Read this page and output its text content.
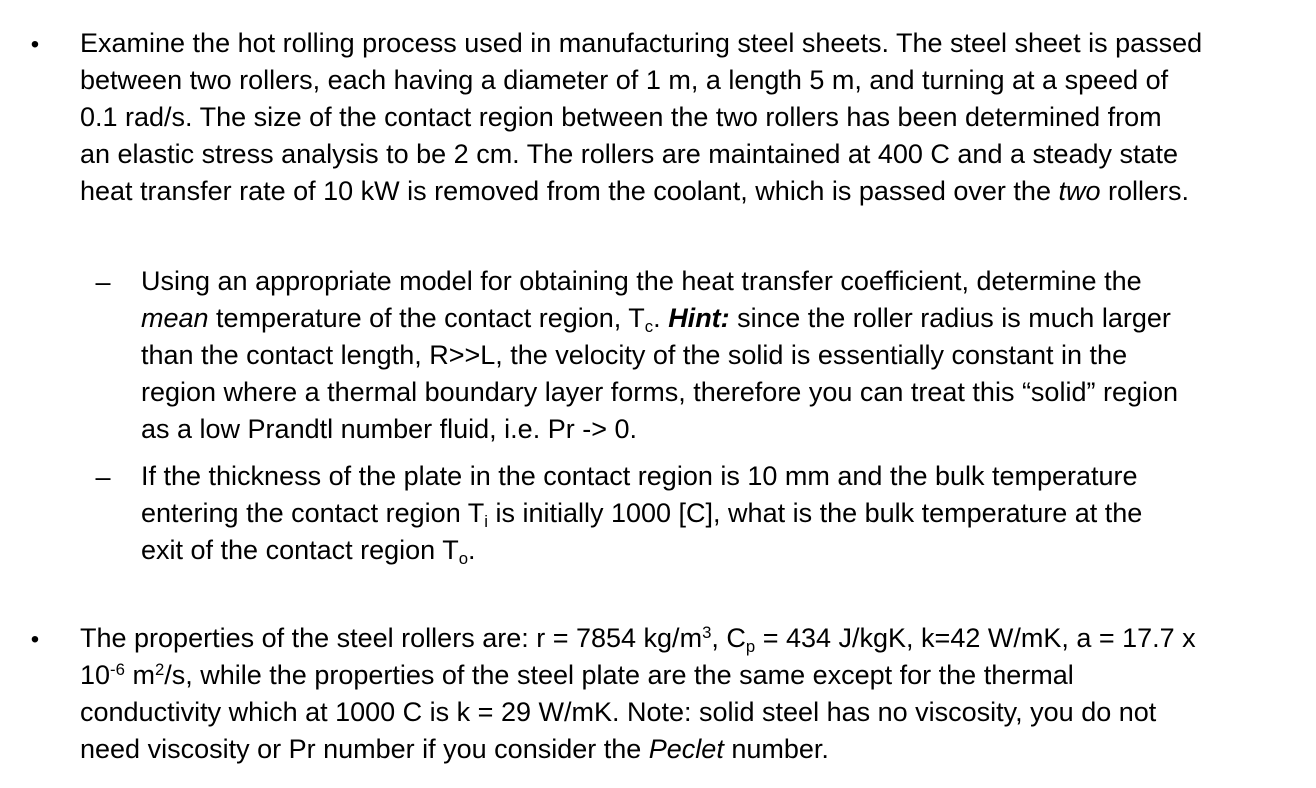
•
–
–
•
Examine the hot rolling process used in manufacturing steel sheets. The steel sheet is passed
between two rollers, each having a diameter of 1 m, a length 5 m, and turning at a speed of
0.1 rad/s. The size of the contact region between the two rollers has been determined from
an elastic stress analysis to be 2 cm. The rollers are maintained at 400 C and a steady state
heat transfer rate of 10 kW is removed from the coolant, which is passed over the two rollers.
Using an appropriate model for obtaining the heat transfer coefficient, determine the
mean temperature of the contact region, $T_c$. Hint: since the roller radius is much larger
than the contact length, R>>L, the velocity of the solid is essentially constant in the
region where a thermal boundary layer forms, therefore you can treat this “solid” region
as a low Prandtl number fluid, i.e. Pr -> 0.
If the thickness of the plate in the contact region is 10 mm and the bulk temperature
entering the contact region $T_i$ is initially 1000 [C], what is the bulk temperature at the
exit of the contact region $T_o$.
The properties of the steel rollers are: r = 7854 $kg/m^3$, $C_p = 434$ J/kgK, k=42 W/mK, a = 17.7 x
$10^{-6}$ $m^2/s$, while the properties of the steel plate are the same except for the thermal
conductivity which at 1000 C is k = 29 W/mK. Note: solid steel has no viscosity, you do not
need viscosity or Pr number if you consider the Peclet number.
